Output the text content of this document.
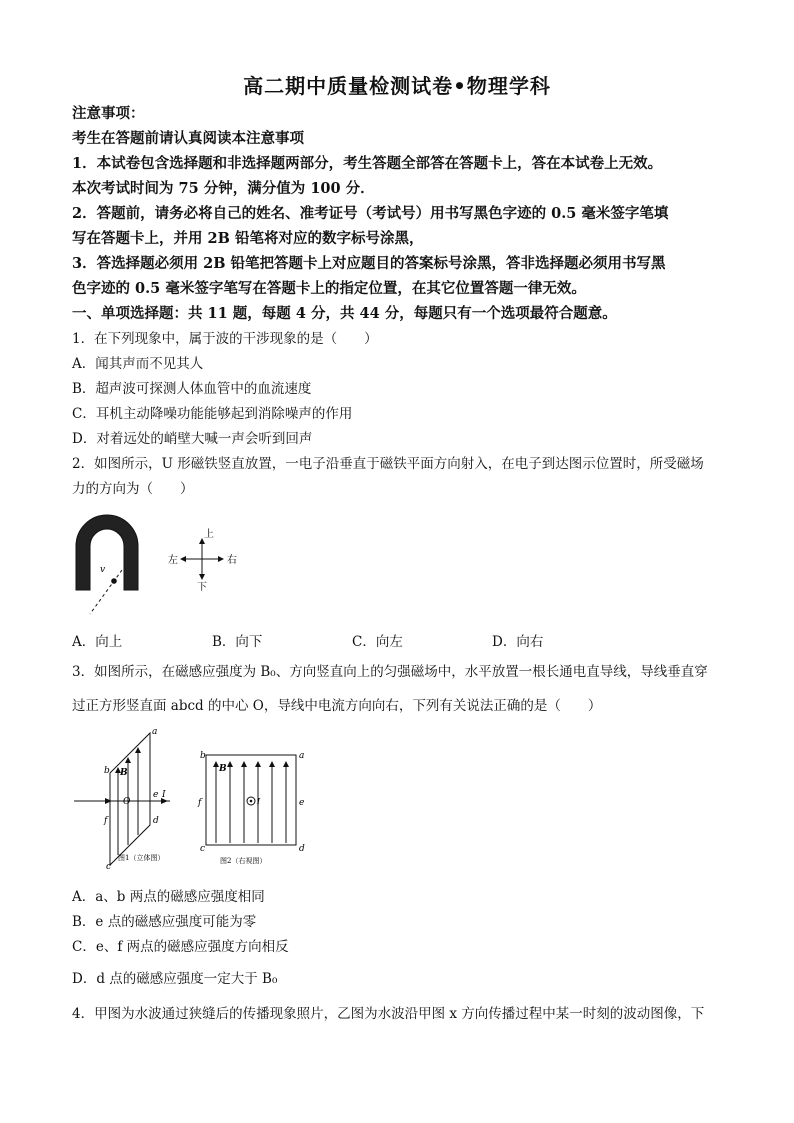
高二期中质量检测试卷•物理学科
注意事项：
考生在答题前请认真阅读本注意事项
1．本试卷包含选择题和非选择题两部分，考生答题全部答在答题卡上，答在本试卷上无效。
本次考试时间为 75 分钟，满分值为 100 分．
2．答题前，请务必将自己的姓名、准考证号（考试号）用书写黑色字迹的 0.5 毫米签字笔填
写在答题卡上，并用 2B 铅笔将对应的数字标号涂黑，
3．答选择题必须用 2B 铅笔把答题卡上对应题目的答案标号涂黑，答非选择题必须用书写黑
色字迹的 0.5 毫米签字笔写在答题卡上的指定位置，在其它位置答题一律无效。
一、单项选择题：共 11 题，每题 4 分，共 44 分，每题只有一个选项最符合题意。
1．在下列现象中，属于波的干涉现象的是（　　）
A．闻其声而不见其人
B．超声波可探测人体血管中的血流速度
C．耳机主动降噪功能能够起到消除噪声的作用
D．对着远处的峭壁大喊一声会听到回声
2．如图所示，U 形磁铁竖直放置，一电子沿垂直于磁铁平面方向射入，在电子到达图示位置时，所受磁场
力的方向为（　　）
v
上
下
左	右
A．向上	B．向下	C．向左	D．向右
3．如图所示，在磁感应强度为 B₀、方向竖直向上的匀强磁场中，水平放置一根长通电直导线，导线垂直穿
过正方形竖直面 abcd 的中心 O，导线中电流方向向右，下列有关说法正确的是（　　）
a
b B
O
I
e
f	d
c
图1（立体图）
b	a
B
f	e
I
c	d
图2（右视图）
A．a、b 两点的磁感应强度相同
B．e 点的磁感应强度可能为零
C．e、f 两点的磁感应强度方向相反
D．d 点的磁感应强度一定大于 B₀
4．甲图为水波通过狭缝后的传播现象照片，乙图为水波沿甲图 x 方向传播过程中某一时刻的波动图像，下
